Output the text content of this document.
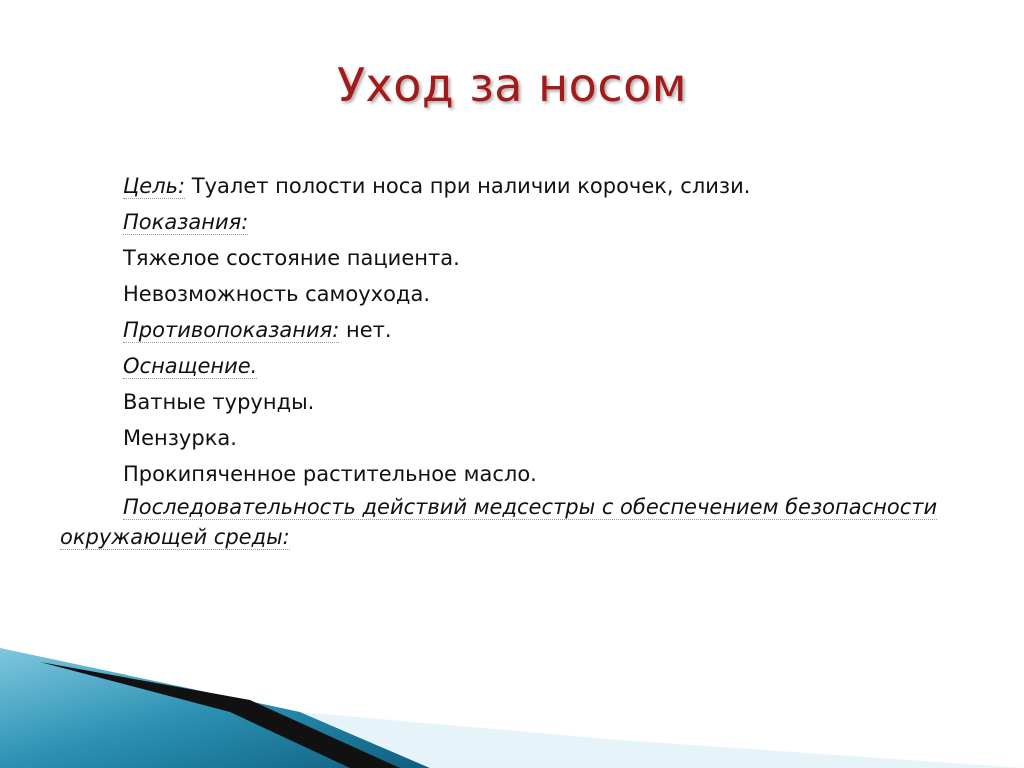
Уход за носом
Цель: Туалет полости носа при наличии корочек, слизи.
Показания:
Тяжелое состояние пациента.
Невозможность самоухода.
Противопоказания: нет.
Оснащение.
Ватные турунды.
Мензурка.
Прокипяченное растительное масло.
Последовательность действий медсестры с обеспечением безопасности окружающей среды:
